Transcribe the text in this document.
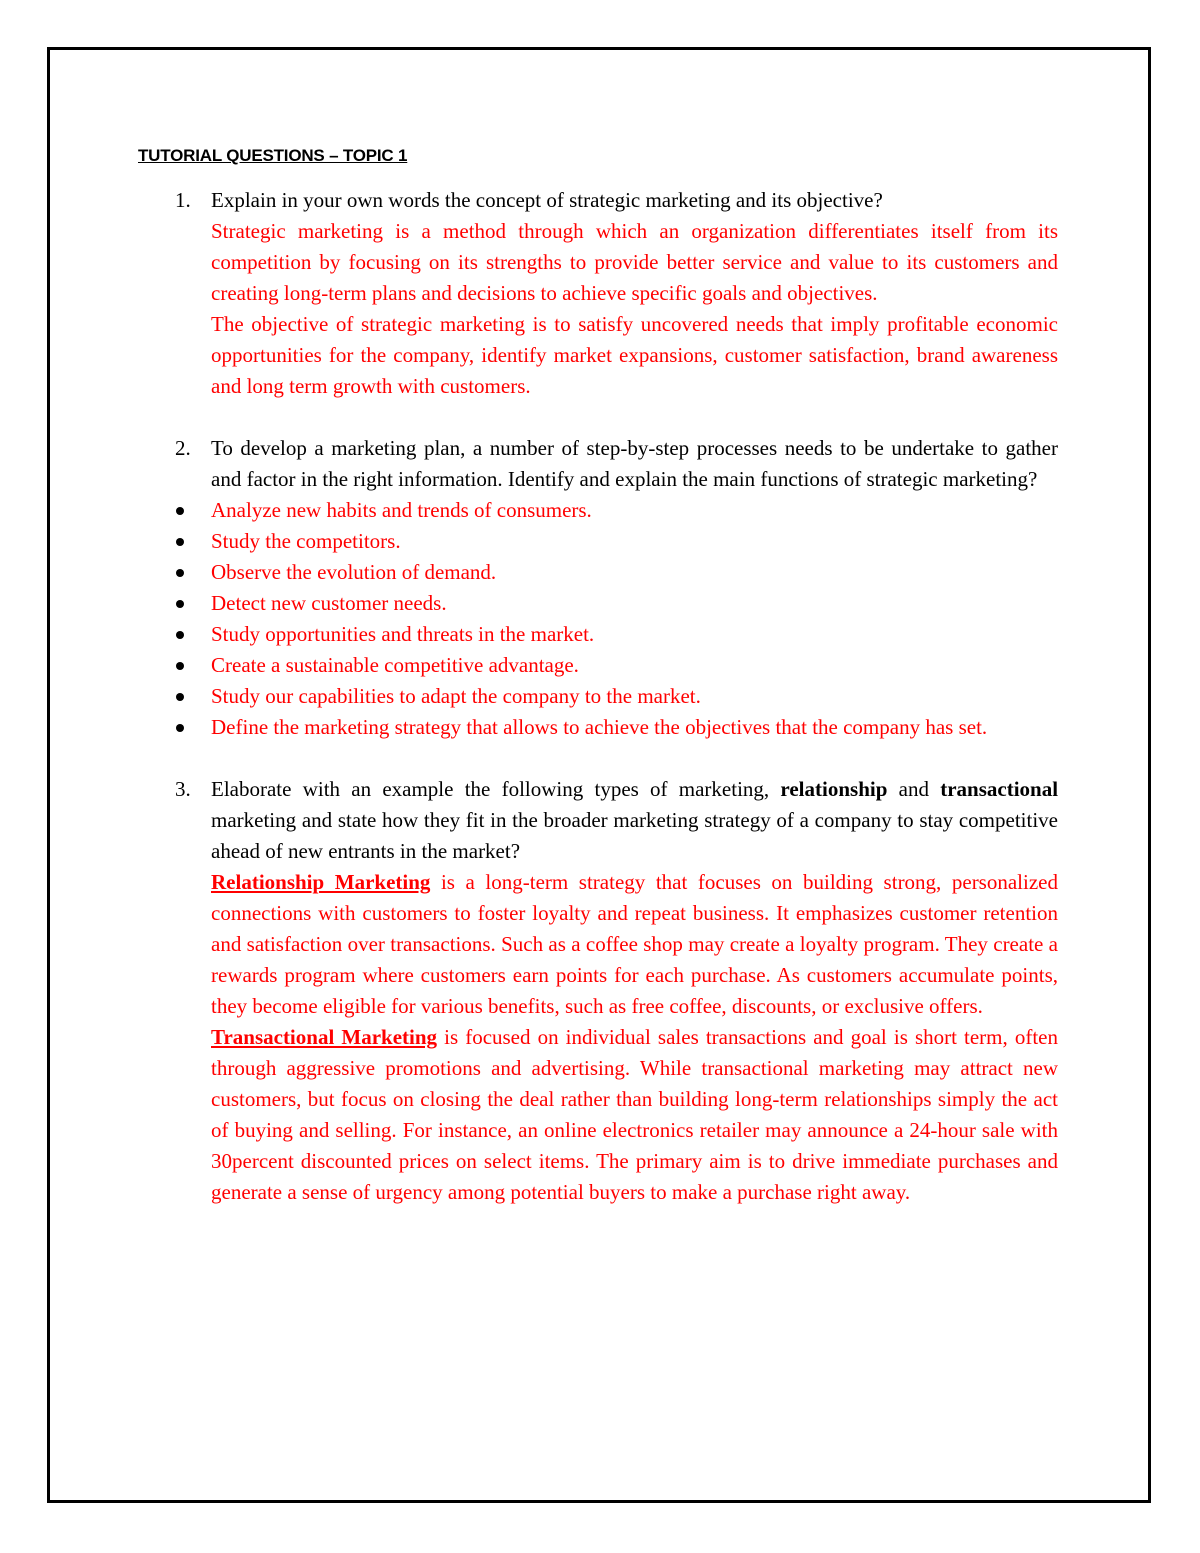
TUTORIAL QUESTIONS – TOPIC 1
1. Explain in your own words the concept of strategic marketing and its objective?
Strategic marketing is a method through which an organization differentiates itself from its competition by focusing on its strengths to provide better service and value to its customers and creating long-term plans and decisions to achieve specific goals and objectives.
The objective of strategic marketing is to satisfy uncovered needs that imply profitable economic opportunities for the company, identify market expansions, customer satisfaction, brand awareness and long term growth with customers.
2. To develop a marketing plan, a number of step-by-step processes needs to be undertake to gather and factor in the right information. Identify and explain the main functions of strategic marketing?
Analyze new habits and trends of consumers.
Study the competitors.
Observe the evolution of demand.
Detect new customer needs.
Study opportunities and threats in the market.
Create a sustainable competitive advantage.
Study our capabilities to adapt the company to the market.
Define the marketing strategy that allows to achieve the objectives that the company has set.
3. Elaborate with an example the following types of marketing, relationship and transactional marketing and state how they fit in the broader marketing strategy of a company to stay competitive ahead of new entrants in the market?
Relationship Marketing is a long-term strategy that focuses on building strong, personalized connections with customers to foster loyalty and repeat business. It emphasizes customer retention and satisfaction over transactions. Such as a coffee shop may create a loyalty program. They create a rewards program where customers earn points for each purchase. As customers accumulate points, they become eligible for various benefits, such as free coffee, discounts, or exclusive offers.
Transactional Marketing is focused on individual sales transactions and goal is short term, often through aggressive promotions and advertising. While transactional marketing may attract new customers, but focus on closing the deal rather than building long-term relationships simply the act of buying and selling. For instance, an online electronics retailer may announce a 24-hour sale with 30percent discounted prices on select items. The primary aim is to drive immediate purchases and generate a sense of urgency among potential buyers to make a purchase right away.
